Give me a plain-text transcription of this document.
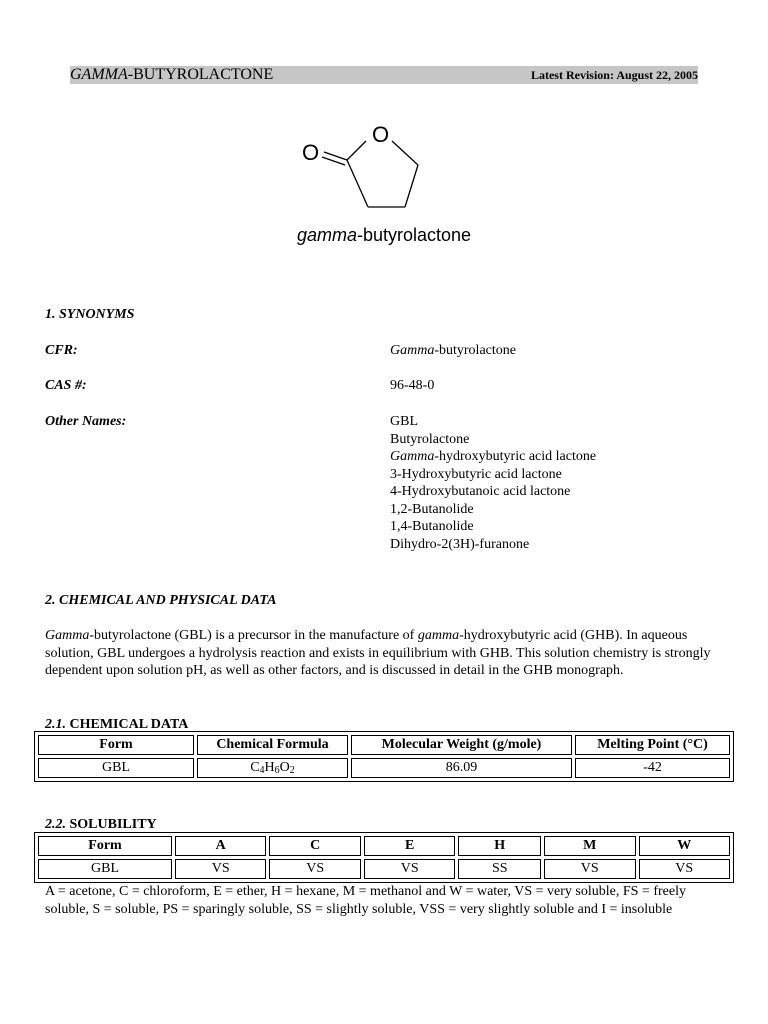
GAMMA-BUTYROLACTONE	Latest Revision: August 22, 2005
O
O
gamma-butyrolactone
1. SYNONYMS
CFR:	Gamma-butyrolactone
CAS #:	96-48-0
Other Names:	GBL
Butyrolactone
Gamma-hydroxybutyric acid lactone
3-Hydroxybutyric acid lactone
4-Hydroxybutanoic acid lactone
1,2-Butanolide
1,4-Butanolide
Dihydro-2(3H)-furanone
2. CHEMICAL AND PHYSICAL DATA
Gamma-butyrolactone (GBL) is a precursor in the manufacture of gamma-hydroxybutyric acid (GHB). In aqueous solution, GBL undergoes a hydrolysis reaction and exists in equilibrium with GHB. This solution chemistry is strongly dependent upon solution pH, as well as other factors, and is discussed in detail in the GHB monograph.
2.1. CHEMICAL DATA
Form	Chemical Formula	Molecular Weight (g/mole)	Melting Point (°C)
GBL	$C_4H_6O_2$	86.09	-42
2.2. SOLUBILITY
Form	A	C	E	H	M	W
GBL	VS	VS	VS	SS	VS	VS
A = acetone, C = chloroform, E = ether, H = hexane, M = methanol and W = water, VS = very soluble, FS = freely soluble, S = soluble, PS = sparingly soluble, SS = slightly soluble, VSS = very slightly soluble and I = insoluble
